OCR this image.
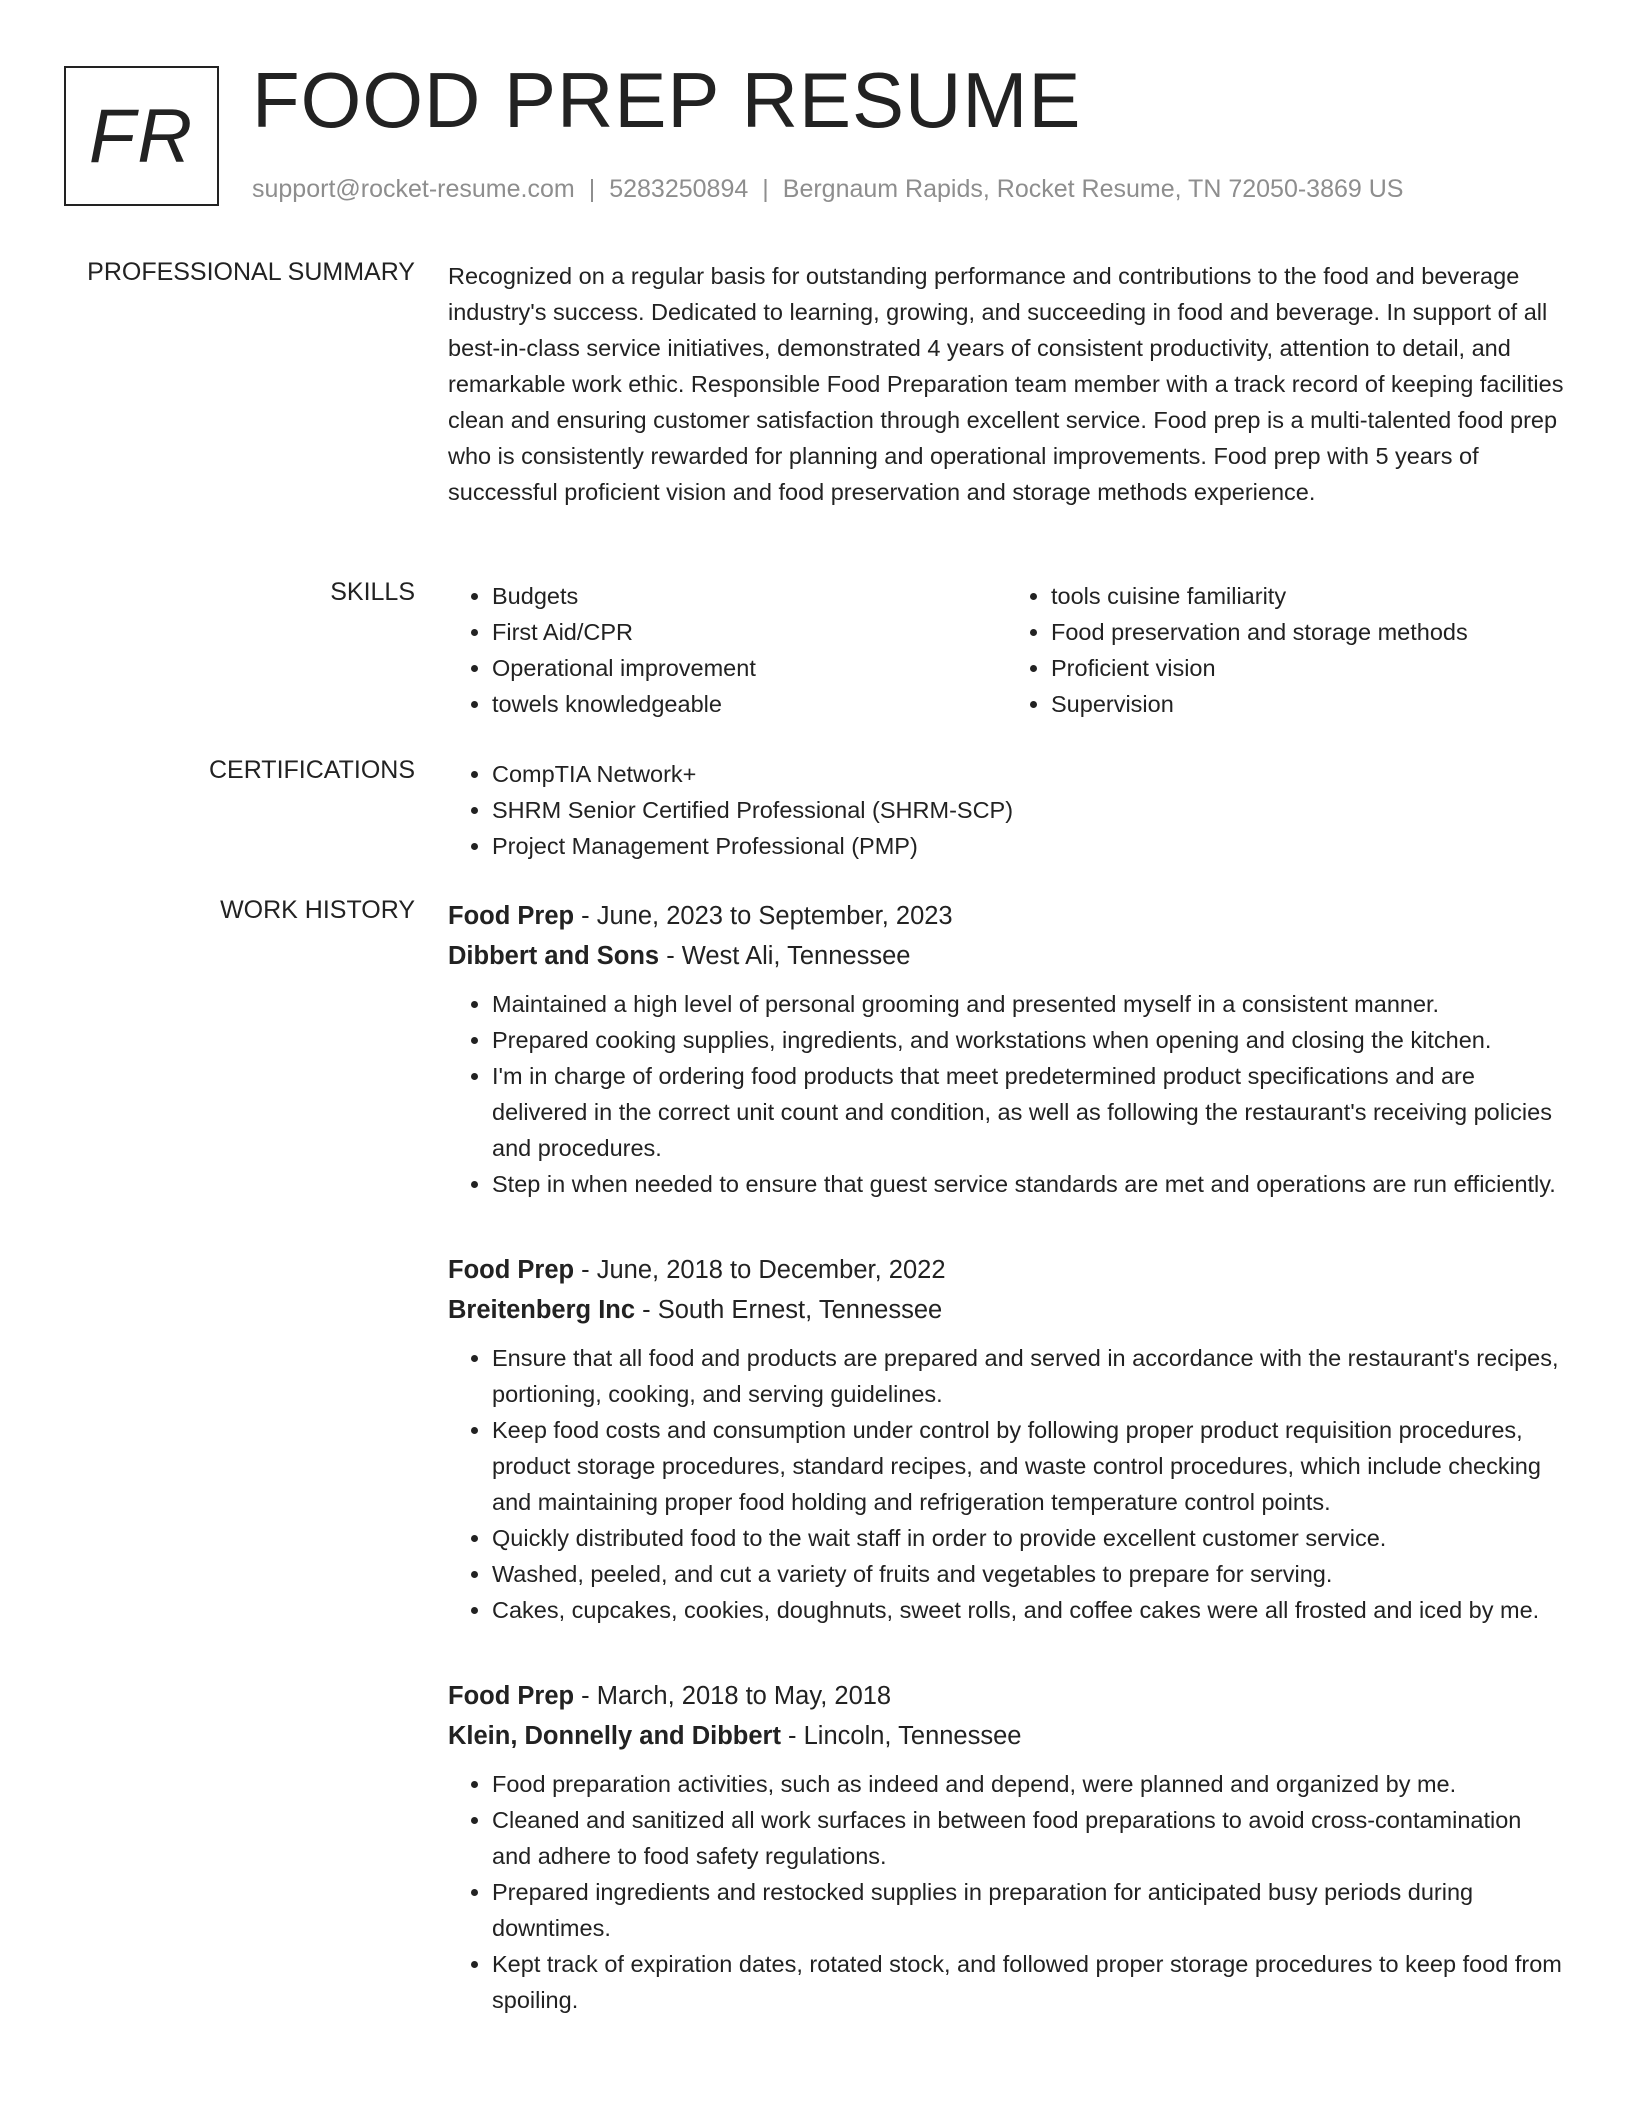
FR FOOD PREP RESUME
support@rocket-resume.com | 5283250894 | Bergnaum Rapids, Rocket Resume, TN 72050-3869 US
PROFESSIONAL SUMMARY Recognized on a regular basis for outstanding performance and contributions to the food and beverage industry's success. Dedicated to learning, growing, and succeeding in food and beverage. In support of all best-in-class service initiatives, demonstrated 4 years of consistent productivity, attention to detail, and remarkable work ethic. Responsible Food Preparation team member with a track record of keeping facilities clean and ensuring customer satisfaction through excellent service. Food prep is a multi-talented food prep who is consistently rewarded for planning and operational improvements. Food prep with 5 years of successful proficient vision and food preservation and storage methods experience.

SKILLS	• Budgets
• First Aid/CPR
• Operational improvement
• towels knowledgeable
• tools cuisine familiarity
• Food preservation and storage methods
• Proficient vision
• Supervision
CERTIFICATIONS	• CompTIA Network+
• SHRM Senior Certified Professional (SHRM-SCP)
• Project Management Professional (PMP)
WORK HISTORY Food Prep - June, 2023 to September, 2023
Dibbert and Sons - West Ali, Tennessee
• Maintained a high level of personal grooming and presented myself in a consistent manner.
• Prepared cooking supplies, ingredients, and workstations when opening and closing the kitchen.
• I'm in charge of ordering food products that meet predetermined product specifications and are delivered in the correct unit count and condition, as well as following the restaurant's receiving policies and procedures.
• Step in when needed to ensure that guest service standards are met and operations are run efficiently.
Food Prep - June, 2018 to December, 2022
Breitenberg Inc - South Ernest, Tennessee
• Ensure that all food and products are prepared and served in accordance with the restaurant's recipes, portioning, cooking, and serving guidelines.
• Keep food costs and consumption under control by following proper product requisition procedures, product storage procedures, standard recipes, and waste control procedures, which include checking and maintaining proper food holding and refrigeration temperature control points.
• Quickly distributed food to the wait staff in order to provide excellent customer service.
• Washed, peeled, and cut a variety of fruits and vegetables to prepare for serving.
• Cakes, cupcakes, cookies, doughnuts, sweet rolls, and coffee cakes were all frosted and iced by me.
Food Prep - March, 2018 to May, 2018
Klein, Donnelly and Dibbert - Lincoln, Tennessee
• Food preparation activities, such as indeed and depend, were planned and organized by me.
• Cleaned and sanitized all work surfaces in between food preparations to avoid cross-contamination and adhere to food safety regulations.
• Prepared ingredients and restocked supplies in preparation for anticipated busy periods during downtimes.
• Kept track of expiration dates, rotated stock, and followed proper storage procedures to keep food from spoiling.
